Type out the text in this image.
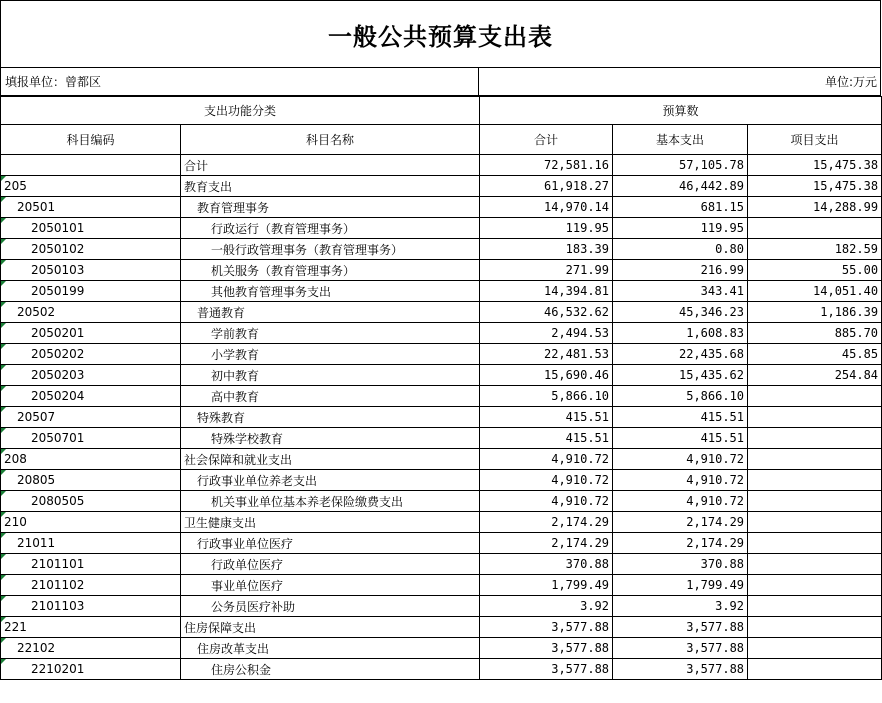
一般公共预算支出表
填报单位：曾都区	单位:万元
支出功能分类		预算数		
科目编码	科目名称	合计	基本支出	项目支出
	合计	72,581.16	57,105.78	15,475.38

205	教育支出	61,918.27	46,442.89	15,475.38

20501	教育管理事务	14,970.14	681.15	14,288.99

2050101	行政运行（教育管理事务）	119.95	119.95	

2050102	一般行政管理事务（教育管理事务）	183.39	0.80	182.59

2050103	机关服务（教育管理事务）	271.99	216.99	55.00

2050199	其他教育管理事务支出	14,394.81	343.41	14,051.40

20502	普通教育	46,532.62	45,346.23	1,186.39

2050201	学前教育	2,494.53	1,608.83	885.70

2050202	小学教育	22,481.53	22,435.68	45.85

2050203	初中教育	15,690.46	15,435.62	254.84

2050204	高中教育	5,866.10	5,866.10	

20507	特殊教育	415.51	415.51	

2050701	特殊学校教育	415.51	415.51	

208	社会保障和就业支出	4,910.72	4,910.72	

20805	行政事业单位养老支出	4,910.72	4,910.72	

2080505	机关事业单位基本养老保险缴费支出	4,910.72	4,910.72	

210	卫生健康支出	2,174.29	2,174.29	

21011	行政事业单位医疗	2,174.29	2,174.29	

2101101	行政单位医疗	370.88	370.88	

2101102	事业单位医疗	1,799.49	1,799.49	

2101103	公务员医疗补助	3.92	3.92	

221	住房保障支出	3,577.88	3,577.88	

22102	住房改革支出	3,577.88	3,577.88	

2210201	住房公积金	3,577.88	3,577.88	
